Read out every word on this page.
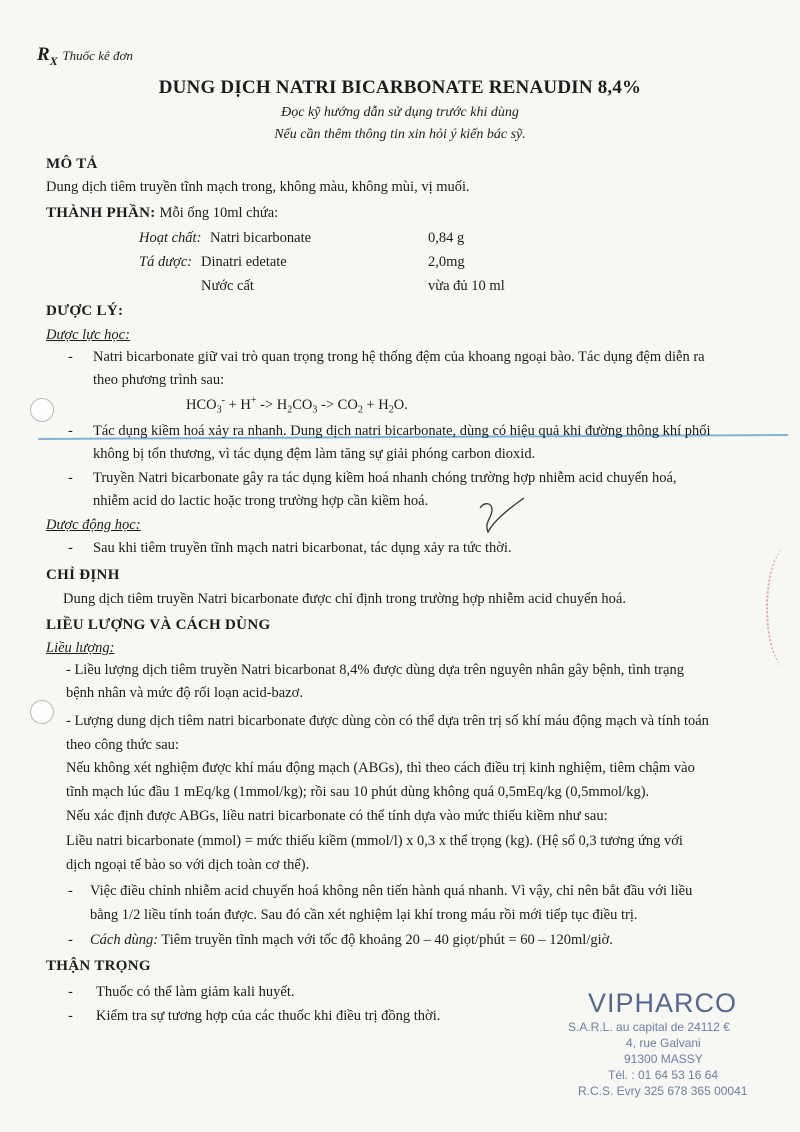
$R_X$ Thuốc kê đơn
DUNG DỊCH NATRI BICARBONATE RENAUDIN 8,4%
Đọc kỹ hướng dẫn sử dụng trước khi dùng
Nếu cần thêm thông tin xin hỏi ý kiến bác sỹ.
MÔ TẢ
Dung dịch tiêm truyền tĩnh mạch trong, không màu, không mùi, vị muối.
THÀNH PHẦN: Mỗi ống 10ml chứa:
Hoạt chất: Natri bicarbonate	0,84 g
Tá dược: Dinatri edetate	2,0mg
Nước cất	vừa đủ 10 ml
DƯỢC LÝ:
Dược lực học:
- Natri bicarbonate giữ vai trò quan trọng trong hệ thống đệm của khoang ngoại bào. Tác dụng đệm diễn ra
theo phương trình sau:
$HCO_3^- + H^+ -> H_2CO_3 -> CO_2 + H_2O$.
- Tác dụng kiềm hoá xảy ra nhanh. Dung dịch natri bicarbonate, dùng có hiệu quả khi đường thông khí phổi
không bị tổn thương, vì tác dụng đệm làm tăng sự giải phóng carbon dioxid.
- Truyền Natri bicarbonate gây ra tác dụng kiềm hoá nhanh chóng trường hợp nhiễm acid chuyển hoá,
nhiễm acid do lactic hoặc trong trường hợp cần kiềm hoá.
Dược động học:
- Sau khi tiêm truyền tĩnh mạch natri bicarbonat, tác dụng xảy ra tức thời.
CHỈ ĐỊNH
Dung dịch tiêm truyền Natri bicarbonate được chỉ định trong trường hợp nhiễm acid chuyển hoá.
LIỀU LƯỢNG VÀ CÁCH DÙNG
Liều lượng:
- Liều lượng dịch tiêm truyền Natri bicarbonat 8,4% được dùng dựa trên nguyên nhân gây bệnh, tình trạng
bệnh nhân và mức độ rối loạn acid-bazơ.
- Lượng dung dịch tiêm natri bicarbonate được dùng còn có thể dựa trên trị số khí máu động mạch và tính toán
theo công thức sau:
Nếu không xét nghiệm được khí máu động mạch (ABGs), thì theo cách điều trị kinh nghiệm, tiêm chậm vào
tĩnh mạch lúc đầu 1 mEq/kg (1mmol/kg); rồi sau 10 phút dùng không quá 0,5mEq/kg (0,5mmol/kg).
Nếu xác định được ABGs, liều natri bicarbonate có thể tính dựa vào mức thiếu kiềm như sau:
Liều natri bicarbonate (mmol) = mức thiếu kiềm (mmol/l) x 0,3 x thể trọng (kg). (Hệ số 0,3 tương ứng với
dịch ngoại tế bào so với dịch toàn cơ thể).
- Việc điều chỉnh nhiễm acid chuyển hoá không nên tiến hành quá nhanh. Vì vậy, chỉ nên bắt đầu với liều
bằng 1/2 liều tính toán được. Sau đó cần xét nghiệm lại khí trong máu rồi mới tiếp tục điều trị.
- Cách dùng: Tiêm truyền tĩnh mạch với tốc độ khoảng 20 – 40 giọt/phút = 60 – 120ml/giờ.
THẬN TRỌNG
- Thuốc có thể làm giảm kali huyết.
- Kiểm tra sự tương hợp của các thuốc khi điều trị đồng thời.	VIPHARCO
S.A.R.L. au capital de 24112 €
4, rue Galvani
91300 MASSY
Tél. : 01 64 53 16 64
R.C.S. Evry 325 678 365 00041
